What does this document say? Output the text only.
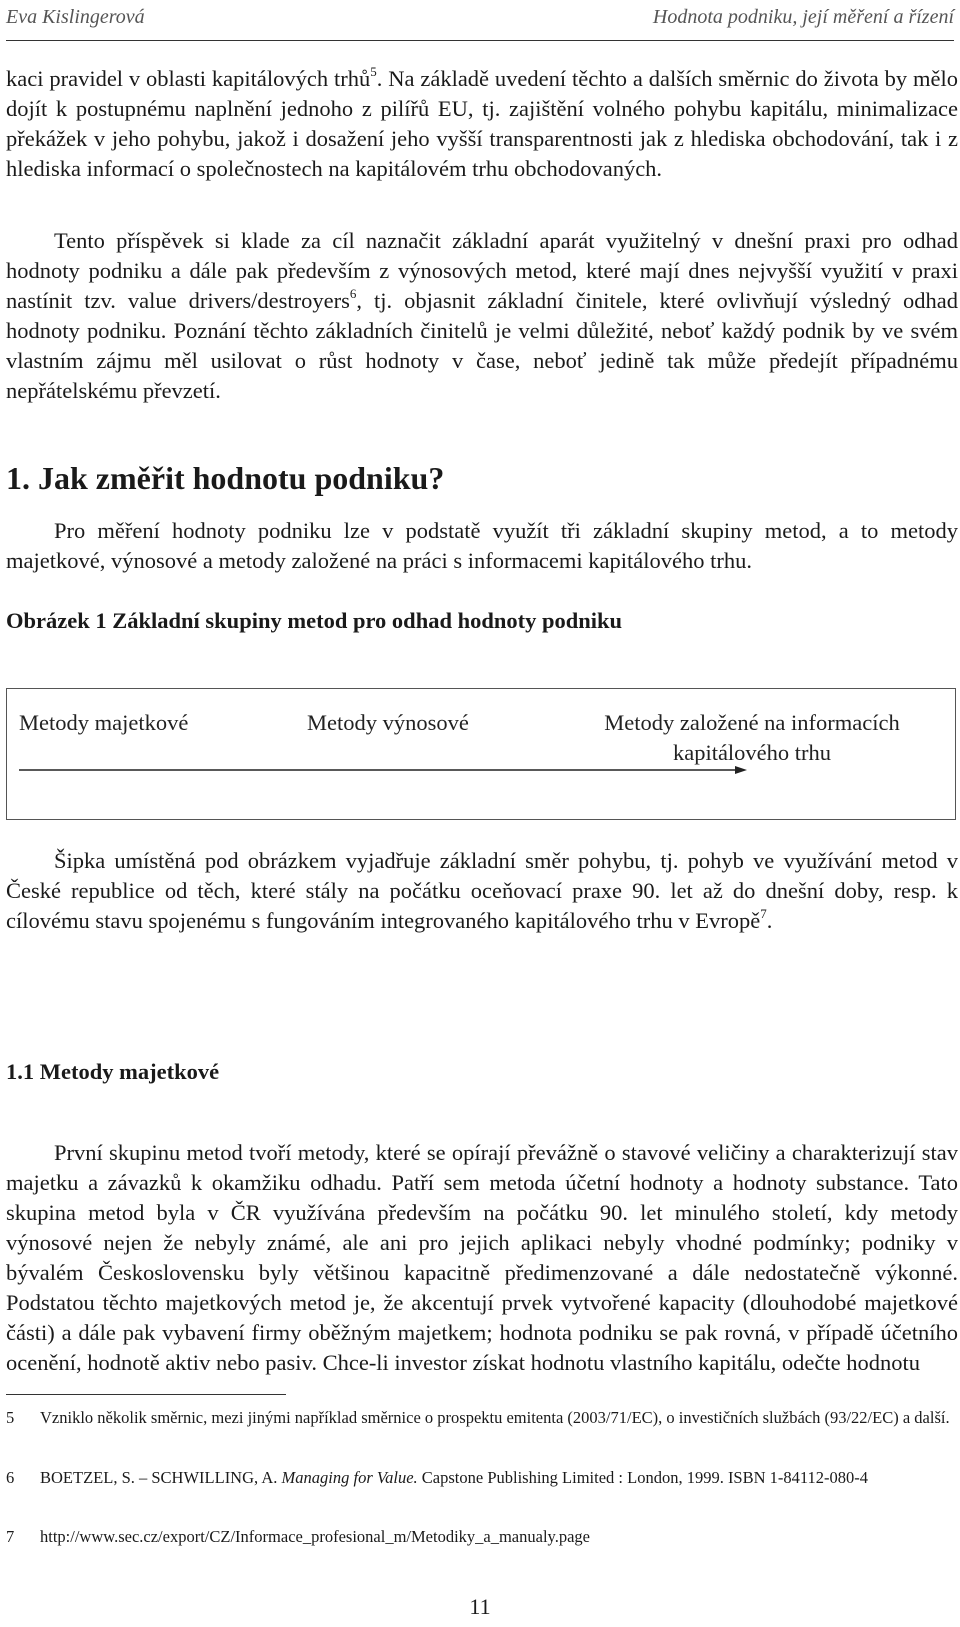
Eva Kislingerová	Hodnota podniku, její měření a řízení

kaci pravidel v oblasti kapitálových trhů$^5$. Na základě uvedení těchto a dalších směrnic do života by mělo dojít k postupnému naplnění jednoho z pilířů EU, tj. zajištění volného pohybu kapitálu, minimalizace překážek v jeho pohybu, jakož i dosažení jeho vyšší transparentnosti jak z hlediska obchodování, tak i z hlediska informací o společnostech na kapitálovém trhu obchodovaných.

Tento příspěvek si klade za cíl naznačit základní aparát využitelný v dnešní praxi pro odhad hodnoty podniku a dále pak především z výnosových metod, které mají dnes nejvyšší využití v praxi nastínit tzv. value drivers/destroyers$^6$, tj. objasnit základní činitele, které ovlivňují výsledný odhad hodnoty podniku. Poznání těchto základních činitelů je velmi důležité, neboť každý podnik by ve svém vlastním zájmu měl usilovat o růst hodnoty v čase, neboť jedině tak může předejít případnému nepřátelskému převzetí.

1. Jak změřit hodnotu podniku?

Pro měření hodnoty podniku lze v podstatě využít tři základní skupiny metod, a to metody majetkové, výnosové a metody založené na práci s informacemi kapitálového trhu.

Obrázek 1 Základní skupiny metod pro odhad hodnoty podniku
Metody majetkové	Metody výnosové	Metody založené na informacích
kapitálového trhu

Šipka umístěná pod obrázkem vyjadřuje základní směr pohybu, tj. pohyb ve využívání metod v České republice od těch, které stály na počátku oceňovací praxe 90. let až do dnešní doby, resp. k cílovému stavu spojenému s fungováním integrovaného kapitálového trhu v Evropě$^7$.

1.1 Metody majetkové

První skupinu metod tvoří metody, které se opírají převážně o stavové veličiny a charakterizují stav majetku a závazků k okamžiku odhadu. Patří sem metoda účetní hodnoty a hodnoty substance. Tato skupina metod byla v ČR využívána především na počátku 90. let minulého století, kdy metody výnosové nejen že nebyly známé, ale ani pro jejich aplikaci nebyly vhodné podmínky; podniky v bývalém Československu byly většinou kapacitně předimenzované a dále nedostatečně výkonné. Podstatou těchto majetkových metod je, že akcentují prvek vytvořené kapacity (dlouhodobé majetkové části) a dále pak vybavení firmy oběžným majetkem; hodnota podniku se pak rovná, v případě účetního ocenění, hodnotě aktiv nebo pasiv. Chce-li investor získat hodnotu vlastního kapitálu, odečte hodnotu

5 Vzniklo několik směrnic, mezi jinými například směrnice o prospektu emitenta (2003/71/EC), o investičních službách (93/22/EC) a další.
6 BOETZEL, S. – SCHWILLING, A. Managing for Value. Capstone Publishing Limited : London, 1999. ISBN 1-84112-080-4
7 http://www.sec.cz/export/CZ/Informace_profesional_m/Metodiky_a_manualy.page
11
